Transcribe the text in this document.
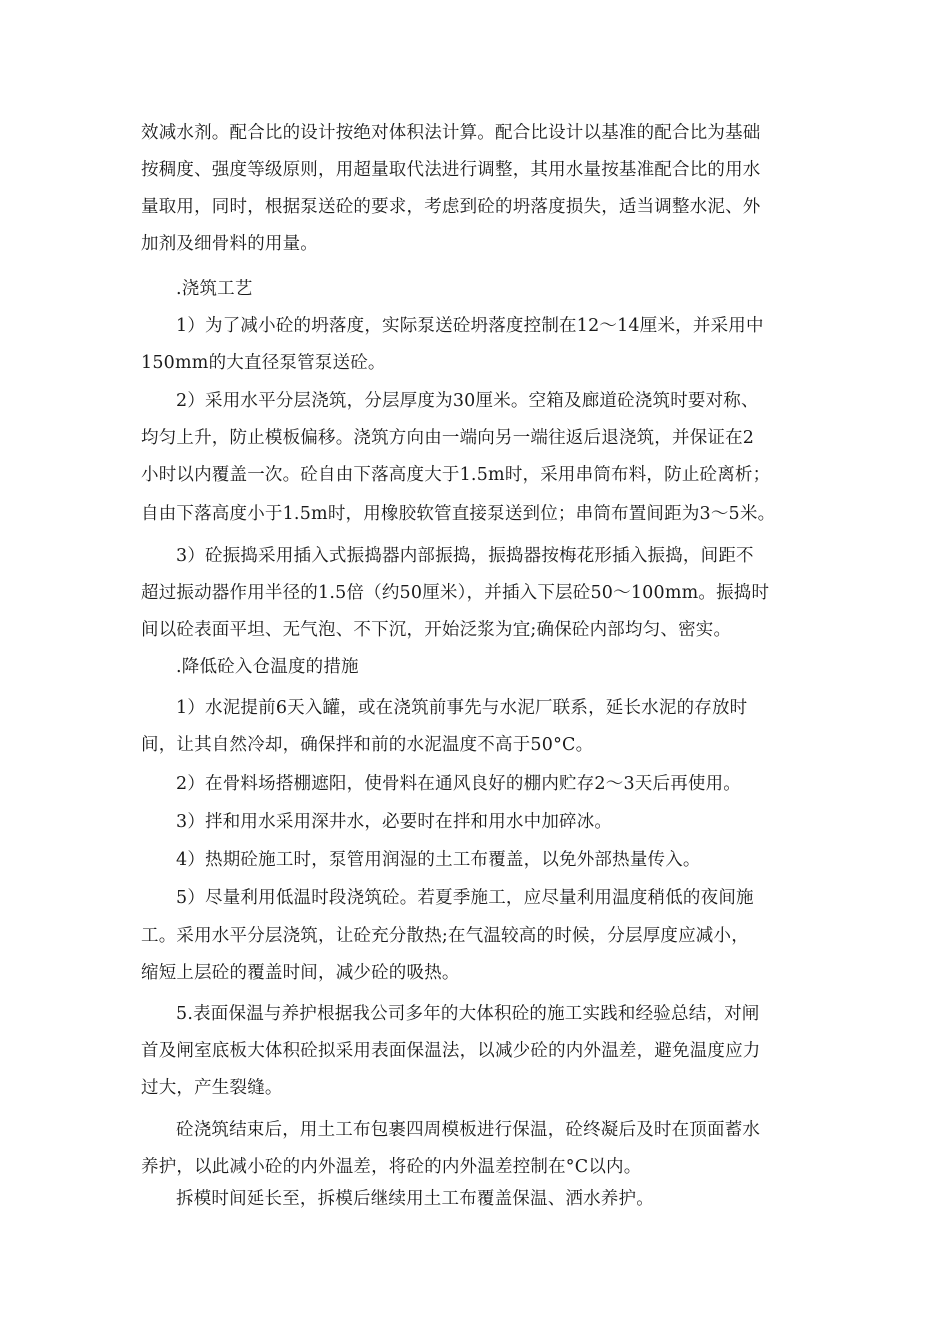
效减水剂。配合比的设计按绝对体积法计算。配合比设计以基准的配合比为基础
按稠度、强度等级原则，用超量取代法进行调整，其用水量按基准配合比的用水
量取用，同时，根据泵送砼的要求，考虑到砼的坍落度损失，适当调整水泥、外
加剂及细骨料的用量。
.浇筑工艺
1）为了减小砼的坍落度，实际泵送砼坍落度控制在12〜14厘米，并采用中
150mm的大直径泵管泵送砼。
2）采用水平分层浇筑，分层厚度为30厘米。空箱及廊道砼浇筑时要对称、
均匀上升，防止模板偏移。浇筑方向由一端向另一端往返后退浇筑，并保证在2
小时以内覆盖一次。砼自由下落高度大于1.5m时，采用串筒布料，防止砼离析；
自由下落高度小于1.5m时，用橡胶软管直接泵送到位；串筒布置间距为3〜5米。
3）砼振捣采用插入式振捣器内部振捣，振捣器按梅花形插入振捣，间距不
超过振动器作用半径的1.5倍（约50厘米），并插入下层砼50〜100mm。振捣时
间以砼表面平坦、无气泡、不下沉，开始泛浆为宜;确保砼内部均匀、密实。
.降低砼入仓温度的措施
1）水泥提前6天入罐，或在浇筑前事先与水泥厂联系，延长水泥的存放时
间，让其自然冷却，确保拌和前的水泥温度不高于50°C。
2）在骨料场搭棚遮阳，使骨料在通风良好的棚内贮存2〜3天后再使用。
3）拌和用水采用深井水，必要时在拌和用水中加碎冰。
4）热期砼施工时，泵管用润湿的土工布覆盖，以免外部热量传入。
5）尽量利用低温时段浇筑砼。若夏季施工，应尽量利用温度稍低的夜间施
工。采用水平分层浇筑，让砼充分散热;在气温较高的时候，分层厚度应减小，
缩短上层砼的覆盖时间，减少砼的吸热。
5.表面保温与养护根据我公司多年的大体积砼的施工实践和经验总结，对闸
首及闸室底板大体积砼拟采用表面保温法，以减少砼的内外温差，避免温度应力
过大，产生裂缝。
砼浇筑结束后，用土工布包裹四周模板进行保温，砼终凝后及时在顶面蓄水
养护，以此减小砼的内外温差，将砼的内外温差控制在°C以内。
拆模时间延长至，拆模后继续用土工布覆盖保温、洒水养护。
